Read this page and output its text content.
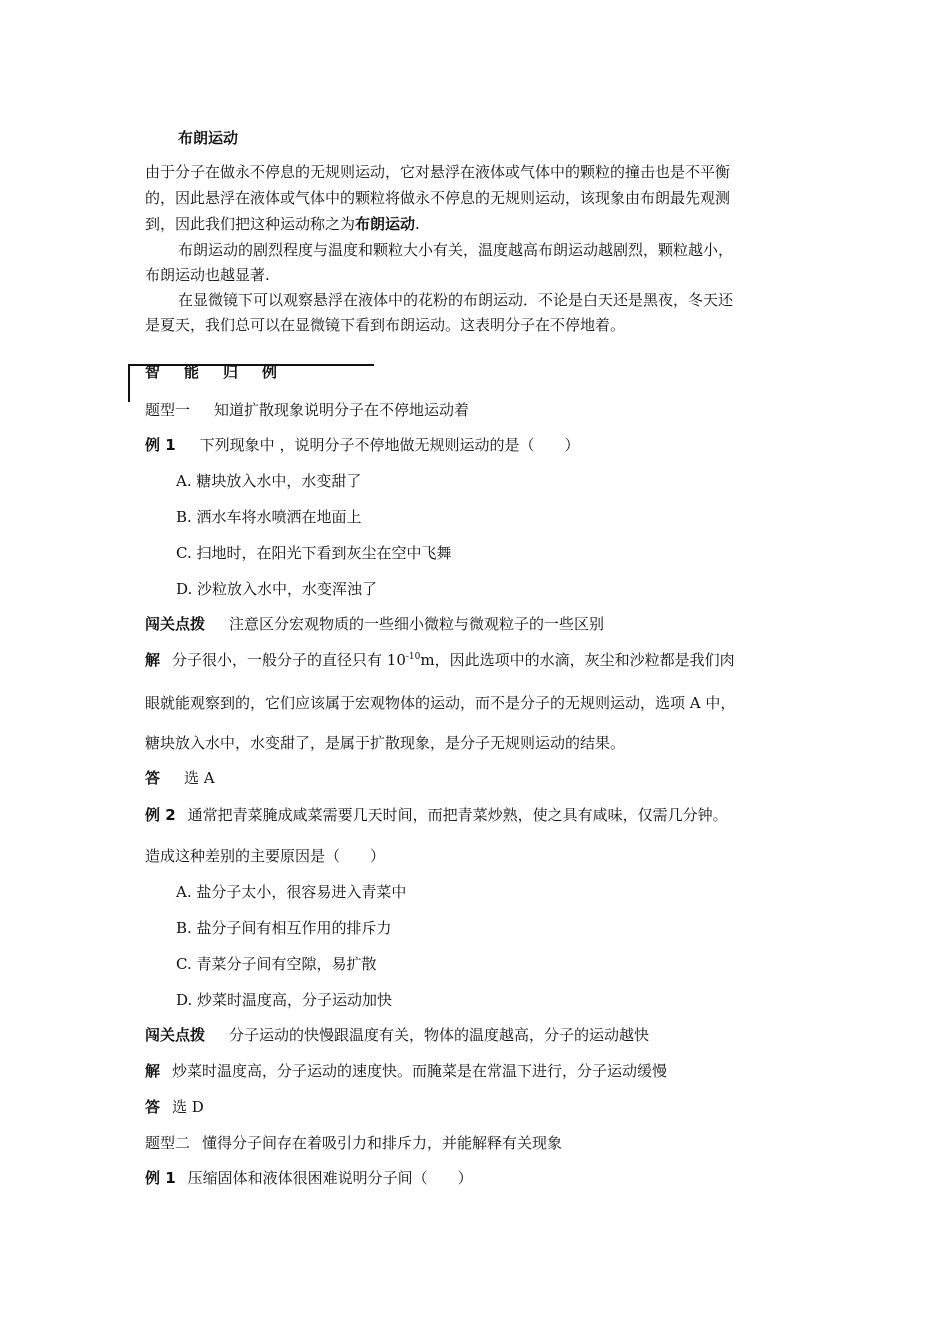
布朗运动
由于分子在做永不停息的无规则运动，它对悬浮在液体或气体中的颗粒的撞击也是不平衡
的，因此悬浮在液体或气体中的颗粒将做永不停息的无规则运动，该现象由布朗最先观测
到，因此我们把这种运动称之为布朗运动.
布朗运动的剧烈程度与温度和颗粒大小有关，温度越高布朗运动越剧烈，颗粒越小，
布朗运动也越显著.
在显微镜下可以观察悬浮在液体中的花粉的布朗运动．不论是白天还是黑夜，冬天还
是夏天，我们总可以在显微镜下看到布朗运动。这表明分子在不停地着。
智能归例
题型一 知道扩散现象说明分子在不停地运动着
例 1 下列现象中 ，说明分子不停地做无规则运动的是（　　）
A. 糖块放入水中，水变甜了
B. 洒水车将水喷洒在地面上
C. 扫地时，在阳光下看到灰尘在空中飞舞
D. 沙粒放入水中，水变浑浊了
闯关点拨 注意区分宏观物质的一些细小微粒与微观粒子的一些区别
解 分子很小，一般分子的直径只有 $10^{-10}m$，因此选项中的水滴，灰尘和沙粒都是我们肉
眼就能观察到的，它们应该属于宏观物体的运动，而不是分子的无规则运动，选项 A 中，
糖块放入水中，水变甜了，是属于扩散现象，是分子无规则运动的结果。
答 选 A
例 2 通常把青菜腌成咸菜需要几天时间，而把青菜炒熟，使之具有咸味，仅需几分钟。
造成这种差别的主要原因是（　　）
A. 盐分子太小，很容易进入青菜中
B. 盐分子间有相互作用的排斥力
C. 青菜分子间有空隙，易扩散
D. 炒菜时温度高，分子运动加快
闯关点拨 分子运动的快慢跟温度有关，物体的温度越高，分子的运动越快
解 炒菜时温度高，分子运动的速度快。而腌菜是在常温下进行，分子运动缓慢
答 选 D
题型二 懂得分子间存在着吸引力和排斥力，并能解释有关现象
例 1 压缩固体和液体很困难说明分子间（　　）
